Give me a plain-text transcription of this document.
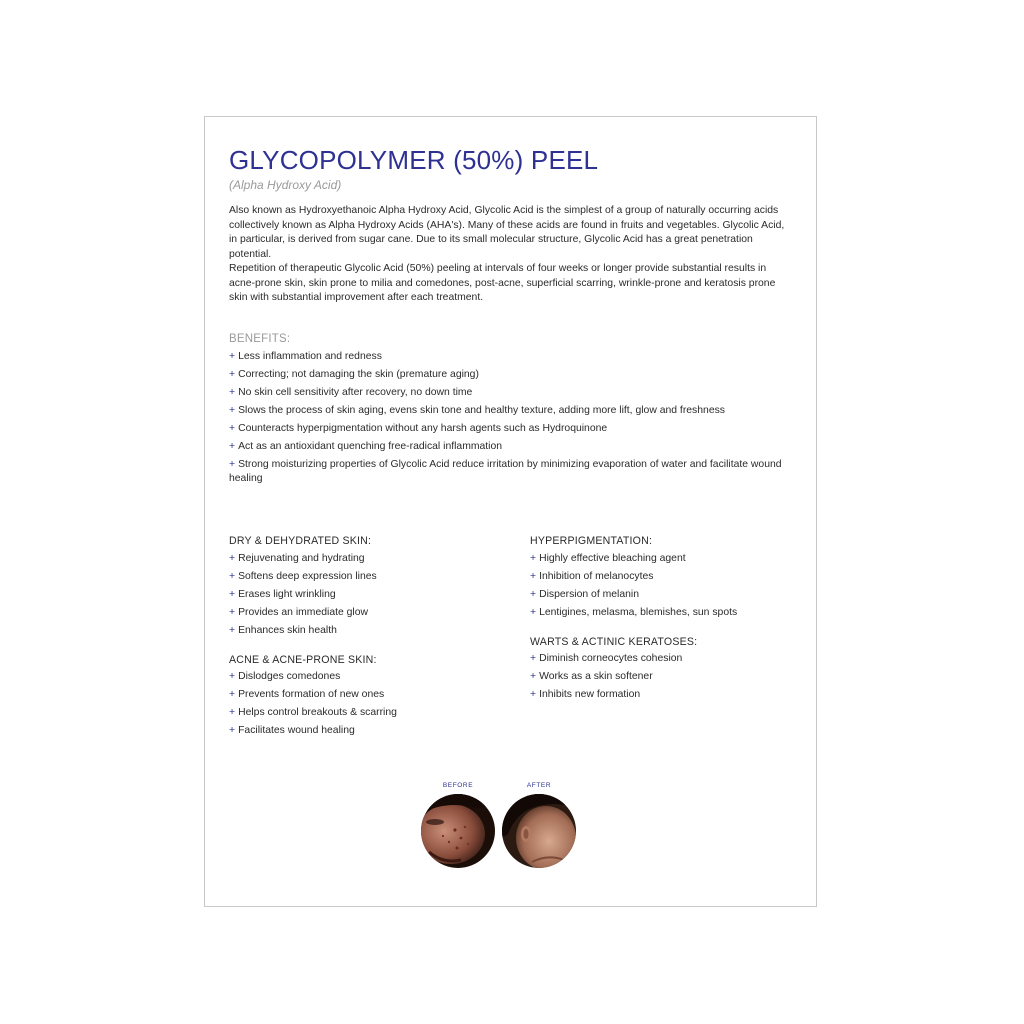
GLYCOPOLYMER (50%) PEEL
(Alpha Hydroxy Acid)

Also known as Hydroxyethanoic Alpha Hydroxy Acid, Glycolic Acid is the simplest of a group of naturally occurring acids collectively known as Alpha Hydroxy Acids (AHA's). Many of these acids are found in fruits and vegetables. Glycolic Acid, in particular, is derived from sugar cane. Due to its small molecular structure, Glycolic Acid has a great penetration potential.

Repetition of therapeutic Glycolic Acid (50%) peeling at intervals of four weeks or longer provide substantial results in acne-prone skin, skin prone to milia and comedones, post-acne, superficial scarring, wrinkle-prone and keratosis prone skin with substantial improvement after each treatment.

BENEFITS:
+ Less inflammation and redness
+ Correcting; not damaging the skin (premature aging)
+ No skin cell sensitivity after recovery, no down time
+ Slows the process of skin aging, evens skin tone and healthy texture, adding more lift, glow and freshness
+ Counteracts hyperpigmentation without any harsh agents such as Hydroquinone
+ Act as an antioxidant quenching free-radical inflammation
+ Strong moisturizing properties of Glycolic Acid reduce irritation by minimizing evaporation of water and facilitate wound healing
DRY & DEHYDRATED SKIN:
+ Rejuvenating and hydrating
+ Softens deep expression lines
+ Erases light wrinkling
+ Provides an immediate glow
+ Enhances skin health
ACNE & ACNE-PRONE SKIN:
+ Dislodges comedones
+ Prevents formation of new ones
+ Helps control breakouts & scarring
+ Facilitates wound healing
HYPERPIGMENTATION:
+ Highly effective bleaching agent
+ Inhibition of melanocytes
+ Dispersion of melanin
+ Lentigines, melasma, blemishes, sun spots
WARTS & ACTINIC KERATOSES:
+ Diminish corneocytes cohesion
+ Works as a skin softener
+ Inhibits new formation
BEFORE	AFTER
